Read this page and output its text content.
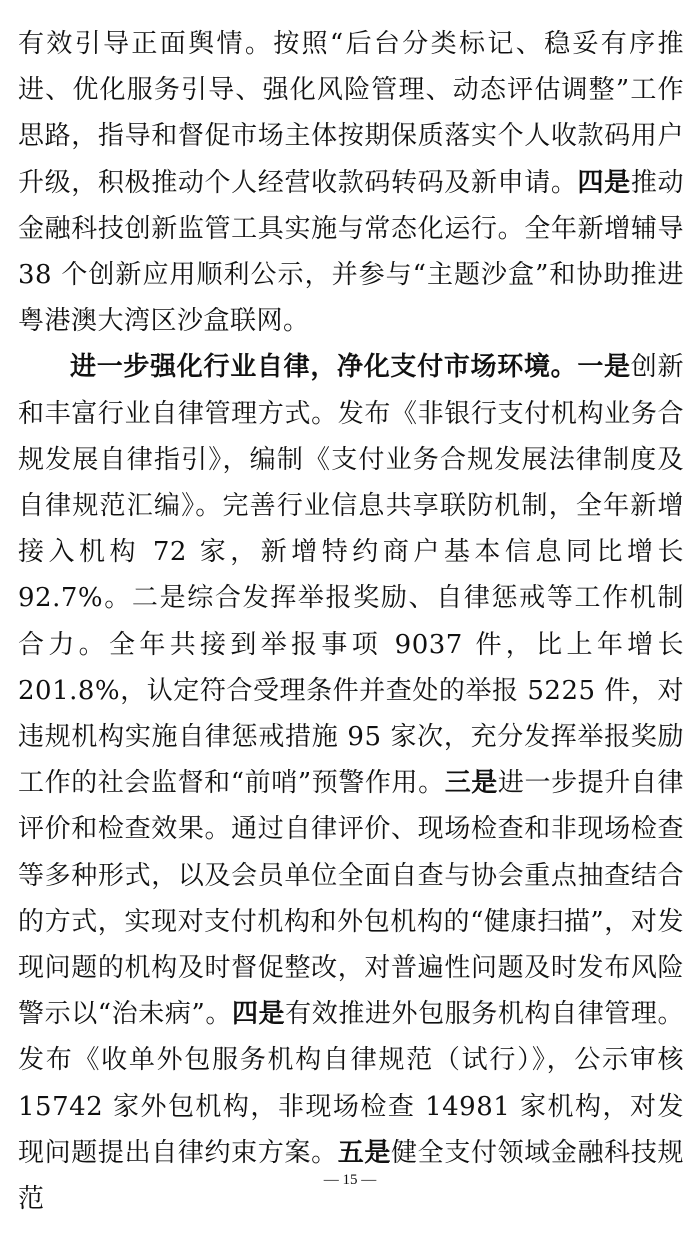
有效引导正面舆情。按照“后台分类标记、稳妥有序推进、优化服务引导、强化风险管理、动态评估调整”工作思路，指导和督促市场主体按期保质落实个人收款码用户升级，积极推动个人经营收款码转码及新申请。四是推动金融科技创新监管工具实施与常态化运行。全年新增辅导 38 个创新应用顺利公示，并参与“主题沙盒”和协助推进粤港澳大湾区沙盒联网。

进一步强化行业自律，净化支付市场环境。一是创新和丰富行业自律管理方式。发布《非银行支付机构业务合规发展自律指引》，编制《支付业务合规发展法律制度及自律规范汇编》。完善行业信息共享联防机制，全年新增接入机构 72 家，新增特约商户基本信息同比增长 92.7%。二是综合发挥举报奖励、自律惩戒等工作机制合力。全年共接到举报事项 9037 件，比上年增长 201.8%，认定符合受理条件并查处的举报 5225 件，对违规机构实施自律惩戒措施 95 家次，充分发挥举报奖励工作的社会监督和“前哨”预警作用。三是进一步提升自律评价和检查效果。通过自律评价、现场检查和非现场检查等多种形式，以及会员单位全面自查与协会重点抽查结合的方式，实现对支付机构和外包机构的“健康扫描”，对发现问题的机构及时督促整改，对普遍性问题及时发布风险警示以“治未病”。四是有效推进外包服务机构自律管理。发布《收单外包服务机构自律规范（试行）》，公示审核 15742 家外包机构，非现场检查 14981 家机构，对发现问题提出自律约束方案。五是健全支付领域金融科技规范

— 15 —
